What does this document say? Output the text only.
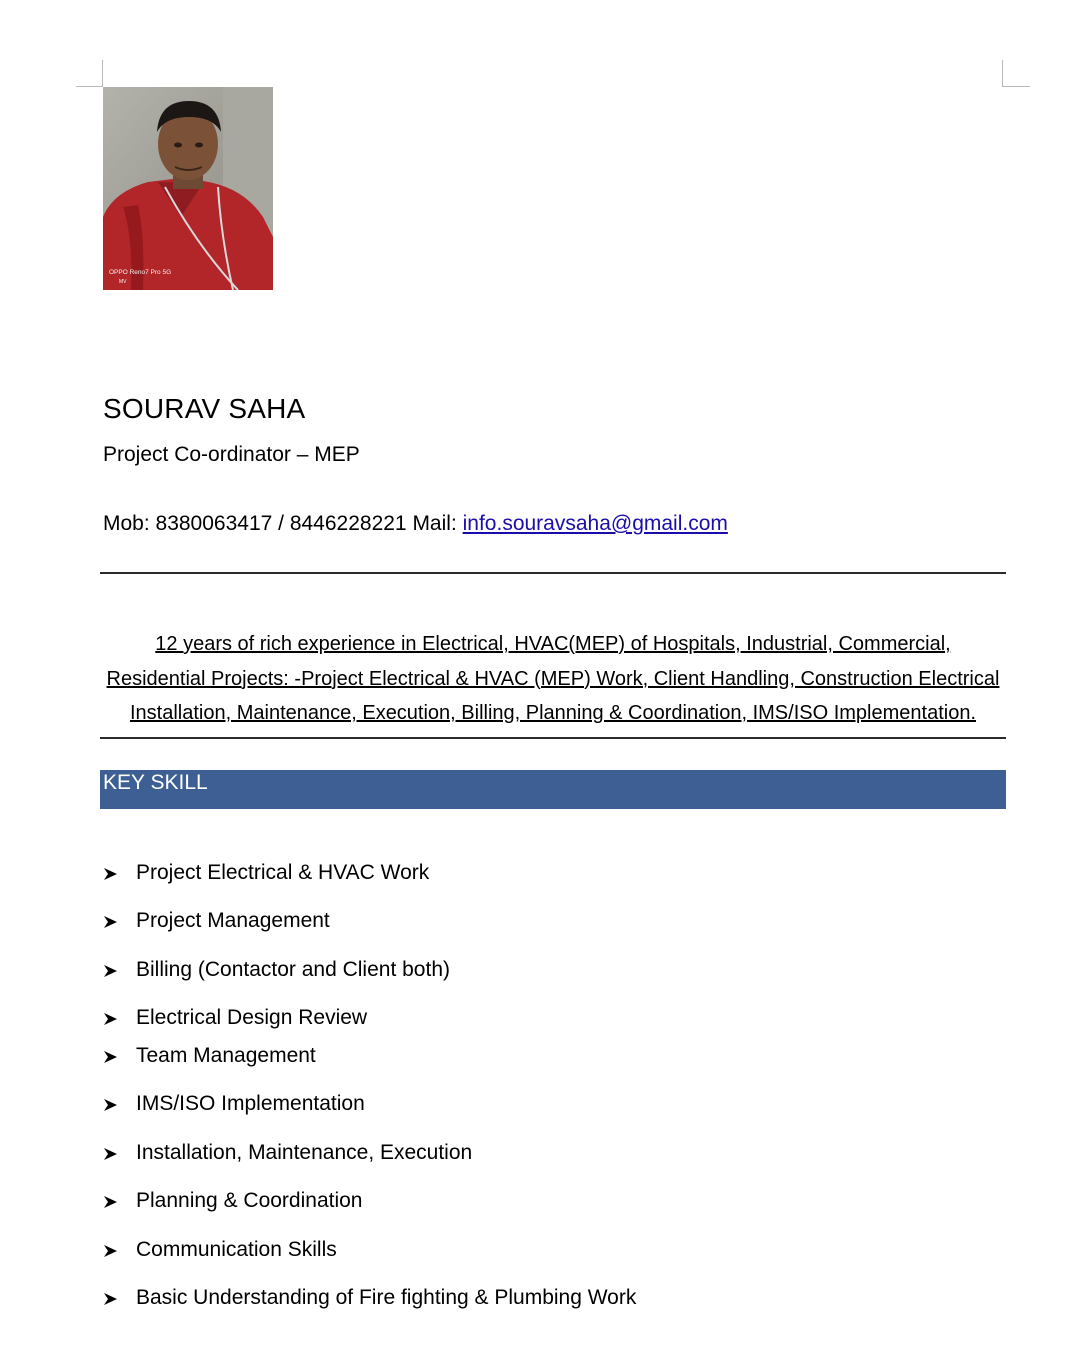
OPPO Reno7 Pro 5G
MV
SOURAV SAHA
Project Co-ordinator – MEP
Mob: 8380063417 / 8446228221 Mail: info.souravsaha@gmail.com
12 years of rich experience in Electrical, HVAC(MEP) of Hospitals, Industrial, Commercial,
Residential Projects: -Project Electrical & HVAC (MEP) Work, Client Handling, Construction Electrical
Installation, Maintenance, Execution, Billing, Planning & Coordination, IMS/ISO Implementation.
KEY SKILL
Project Electrical & HVAC Work
Project Management
Billing (Contactor and Client both)
Electrical Design Review
Team Management
IMS/ISO Implementation
Installation, Maintenance, Execution
Planning & Coordination
Communication Skills
Basic Understanding of Fire fighting & Plumbing Work
